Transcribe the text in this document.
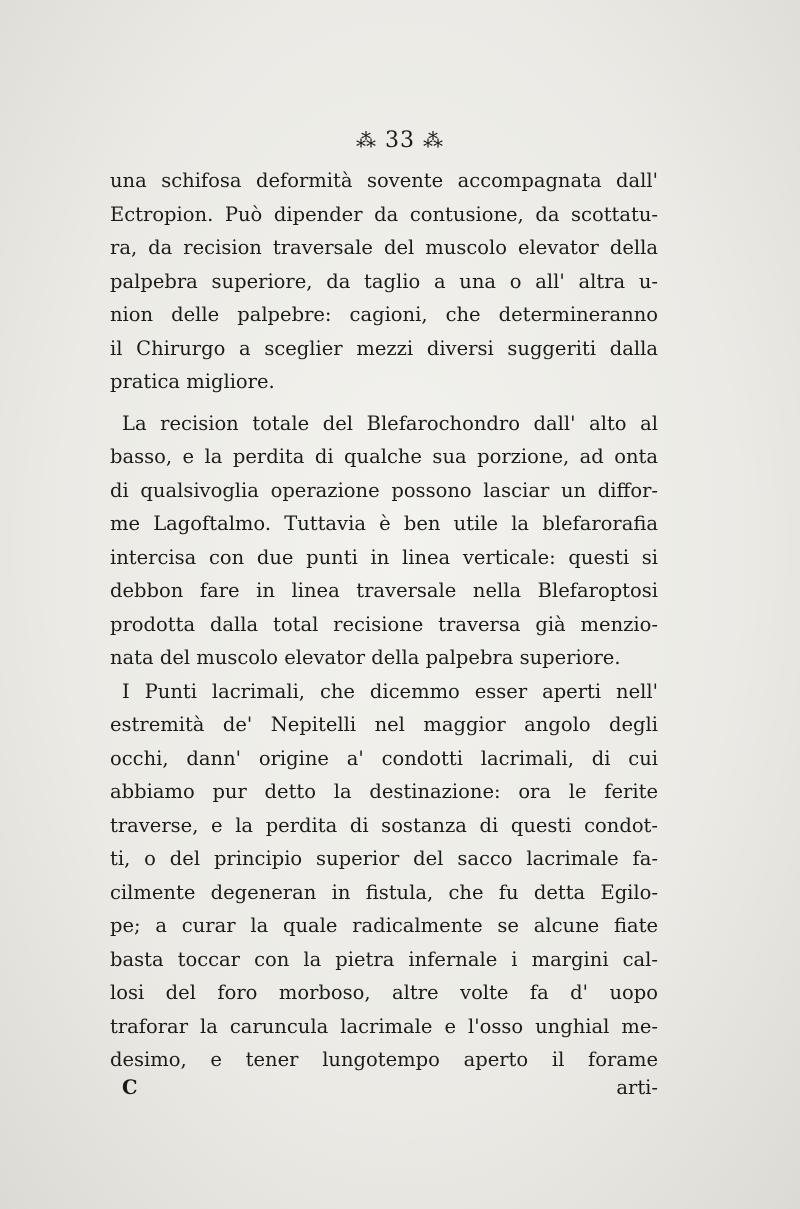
⁂ 33 ⁂
una schifosa deformità sovente accompagnata dall'
Ectropion. Può dipender da contusione, da scottatu-
ra, da recision traversale del muscolo elevator della
palpebra superiore, da taglio a una o all' altra u-
nion delle palpebre: cagioni, che determineranno
il Chirurgo a sceglier mezzi diversi suggeriti dalla
pratica migliore.
La recision totale del Blefarochondro dall' alto al
basso, e la perdita di qualche sua porzione, ad onta
di qualsivoglia operazione possono lasciar un diffor-
me Lagoftalmo. Tuttavia è ben utile la blefarorafia
intercisa con due punti in linea verticale: questi si
debbon fare in linea traversale nella Blefaroptosi
prodotta dalla total recisione traversa già menzio-
nata del muscolo elevator della palpebra superiore.
I Punti lacrimali, che dicemmo esser aperti nell'
estremità de' Nepitelli nel maggior angolo degli
occhi, dann' origine a' condotti lacrimali, di cui
abbiamo pur detto la destinazione: ora le ferite
traverse, e la perdita di sostanza di questi condot-
ti, o del principio superior del sacco lacrimale fa-
cilmente degeneran in fistula, che fu detta Egilo-
pe; a curar la quale radicalmente se alcune fiate
basta toccar con la pietra infernale i margini cal-
losi del foro morboso, altre volte fa d' uopo
traforar la caruncula lacrimale e l'osso unghial me-
desimo, e tener lungotempo aperto il forame
C	arti-
